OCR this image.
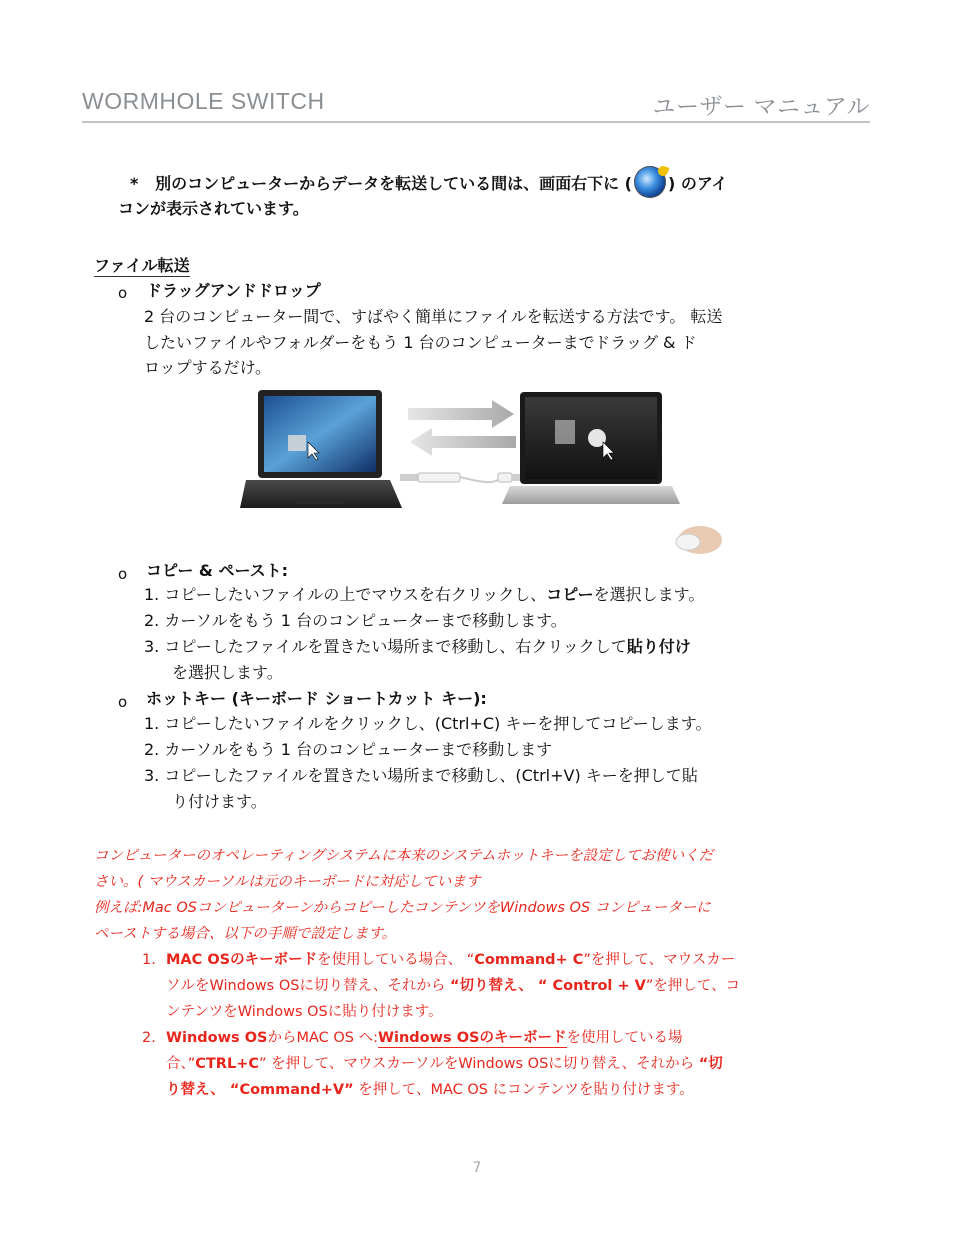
WORMHOLE SWITCH	ユーザー マニュアル
* 別のコンピューターからデータを転送している間は、画面右下に ( ) のアイ
コンが表示されています。
ファイル転送
o ドラッグアンドドロップ
2 台のコンピューター間で、すばやく簡単にファイルを転送する方法です。 転送
したいファイルやフォルダーをもう 1 台のコンピューターまでドラッグ & ド
ロップするだけ。
o コピー & ペースト:
1. コピーしたいファイルの上でマウスを右クリックし、コピーを選択します。
2. カーソルをもう 1 台のコンピューターまで移動します。
3. コピーしたファイルを置きたい場所まで移動し、右クリックして貼り付け
を選択します。
o ホットキー (キーボード ショートカット キー):
1. コピーしたいファイルをクリックし、(Ctrl+C) キーを押してコピーします。
2. カーソルをもう 1 台のコンピューターまで移動します
3. コピーしたファイルを置きたい場所まで移動し、(Ctrl+V) キーを押して貼
り付けます。
コンピューターのオペレーティングシステムに本来のシステムホットキーを設定してお使いくだ
さい。( マウスカーソルは元のキーボードに対応しています
例えば:Mac OSコンピューターンからコピーしたコンテンツをWindows OS コンピューターに
ペーストする場合、以下の手順で設定します。
1. MAC OSのキーボードを使用している場合、 “Command+ C”を押して、マウスカー
ソルをWindows OSに切り替え、それから “切り替え、 “ Control + V”を押して、コ
ンテンツをWindows OSに貼り付けます。
2. Windows OSからMAC OS へ:Windows OSのキーボードを使用している場
合、”CTRL+C” を押して、マウスカーソルをWindows OSに切り替え、それから “切
り替え、 “Command+V” を押して、MAC OS にコンテンツを貼り付けます。
7
